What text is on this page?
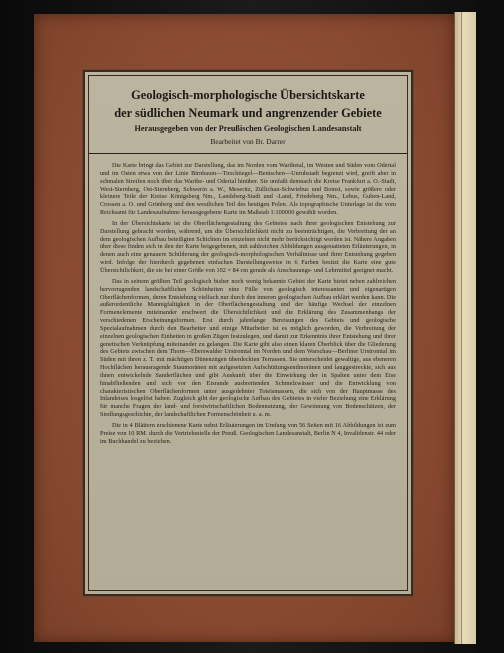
Geologisch-morphologische Übersichtskarte
der südlichen Neumark und angrenzender Gebiete
Herausgegeben von der Preußischen Geologischen Landesanstalt
Bearbeitet von Br. Darrer

Die Karte bringt das Gebiet zur Darstellung, das im Norden vom Warthetal, im Westen und Süden vom Odertal und im Osten etwa von der Linie Birnbaum—Tirschtiegel—Bentschen—Unruhstadt begrenzt wird, greift aber in schmalen Streifen noch über das Warthe- und Odertal hinüber. Sie umfaßt demnach die Kreise Frankfurt a. O.-Stadt, West-Sternberg, Ost-Sternberg, Schwerin a. W., Meseritz, Züllichau-Schwiebus und Bomst, sowie größere oder kleinere Teile der Kreise Königsberg Nm., Landsberg-Stadt und -Land, Friedeberg Nm., Lebus, Guben-Land, Crossen a. O. und Grünberg und den westlichen Teil des heutigen Polen. Als topographische Unterlage ist die vom Reichsamt für Landesaufnahme herausgegebene Karte im Maßstab 1:100000 gewählt worden.

In der Übersichtskarte ist die Oberflächengestaltung des Gebietes nach ihrer geologischen Entstehung zur Darstellung gebracht worden, während, um die Übersichtlichkeit nicht zu beeinträchtigen, die Verbreitung der an dem geologischen Aufbau beteiligten Schichten im einzelnen nicht mehr berücksichtigt worden ist. Nähere Angaben über diese finden sich in den der Karte beigegebenen, mit zahlreichen Abbildungen ausgestatteten Erläuterungen, in denen auch eine genauere Schilderung der geologisch-morphologischen Verhältnisse und ihrer Entstehung gegeben wird. Infolge der hierdurch gegebenen einfachen Darstellungsweise in 6 Farben besitzt die Karte eine gute Übersichtlichkeit, die sie bei einer Größe von 102 × 84 cm gerade als Anschauungs- und Lehrmittel geeignet macht.

Das in seinem größten Teil geologisch bisher noch wenig bekannte Gebiet der Karte bietet neben zahlreichen hervorragenden landschaftlichen Schönheiten eine Fülle von geologisch interessanten und eigenartigen Oberflächenformen, deren Entstehung vielfach nur durch den inneren geologischen Aufbau erklärt werden kann. Die außerordentliche Mannigfaltigkeit in der Oberflächengestaltung und der häufige Wechsel der einzelnen Formenelemente miteinander erschwert die Übersichtlichkeit und die Erklärung des Zusammenhangs der verschiedenen Erscheinungsformen. Erst durch jahrelange Bereisungen des Gebiets und geologische Spezialaufnahmen durch den Bearbeiter und einige Mitarbeiter ist es möglich geworden, die Verbreitung der einzelnen geologischen Einheiten in großen Zügen festzulegen, und damit zur Erkenntnis ihrer Entstehung und ihrer genetischen Verknüpfung miteinander zu gelangen. Die Karte gibt also einen klaren Überblick über die Gliederung des Gebiets zwischen dem Thorn—Eberswalder Urstromtal im Norden und dem Warschau—Berliner Urstromtal im Süden mit ihren z. T. mit mächtigen Dünenzügen überdeckten Terrassen. Sie unterscheidet gewaltige, aus ebeneren Hochflächen herausragende Staumoränen mit aufgesetzten Aufschüttungsendmoränen und langgestreckte, sich aus ihnen entwickelnde Sanderflächen und gibt Auskunft über die Einwirkung der in Spalten unter dem Eise hinabfließenden und sich vor den Eisrande ausbreitenden Schmelzwässer und die Entwicklung von charakteristischen Oberflächenformen unter ausgedehnter Toteismassen, die sich von der Hauptmasse des Inlandeises losgelöst haben. Zugleich gibt der geologische Aufbau des Gebietes in vieler Beziehung eine Erklärung für manche Fragen der land- und forstwirtschaftlichen Bodennutzung, der Gewinnung von Bodenschätzen, der Siedlungsgeschichte, der landschaftlichen Formenschönheit u. a. m.

Die in 4 Blättern erschienene Karte nebst Erläuterungen im Umfang von 56 Seiten mit 16 Abbildungen ist zum Preise von 10 RM. durch die Vertriebsstelle der Preuß. Geologischen Landesanstalt, Berlin N 4, Invalidenstr. 44 oder im Buchhandel zu beziehen.
